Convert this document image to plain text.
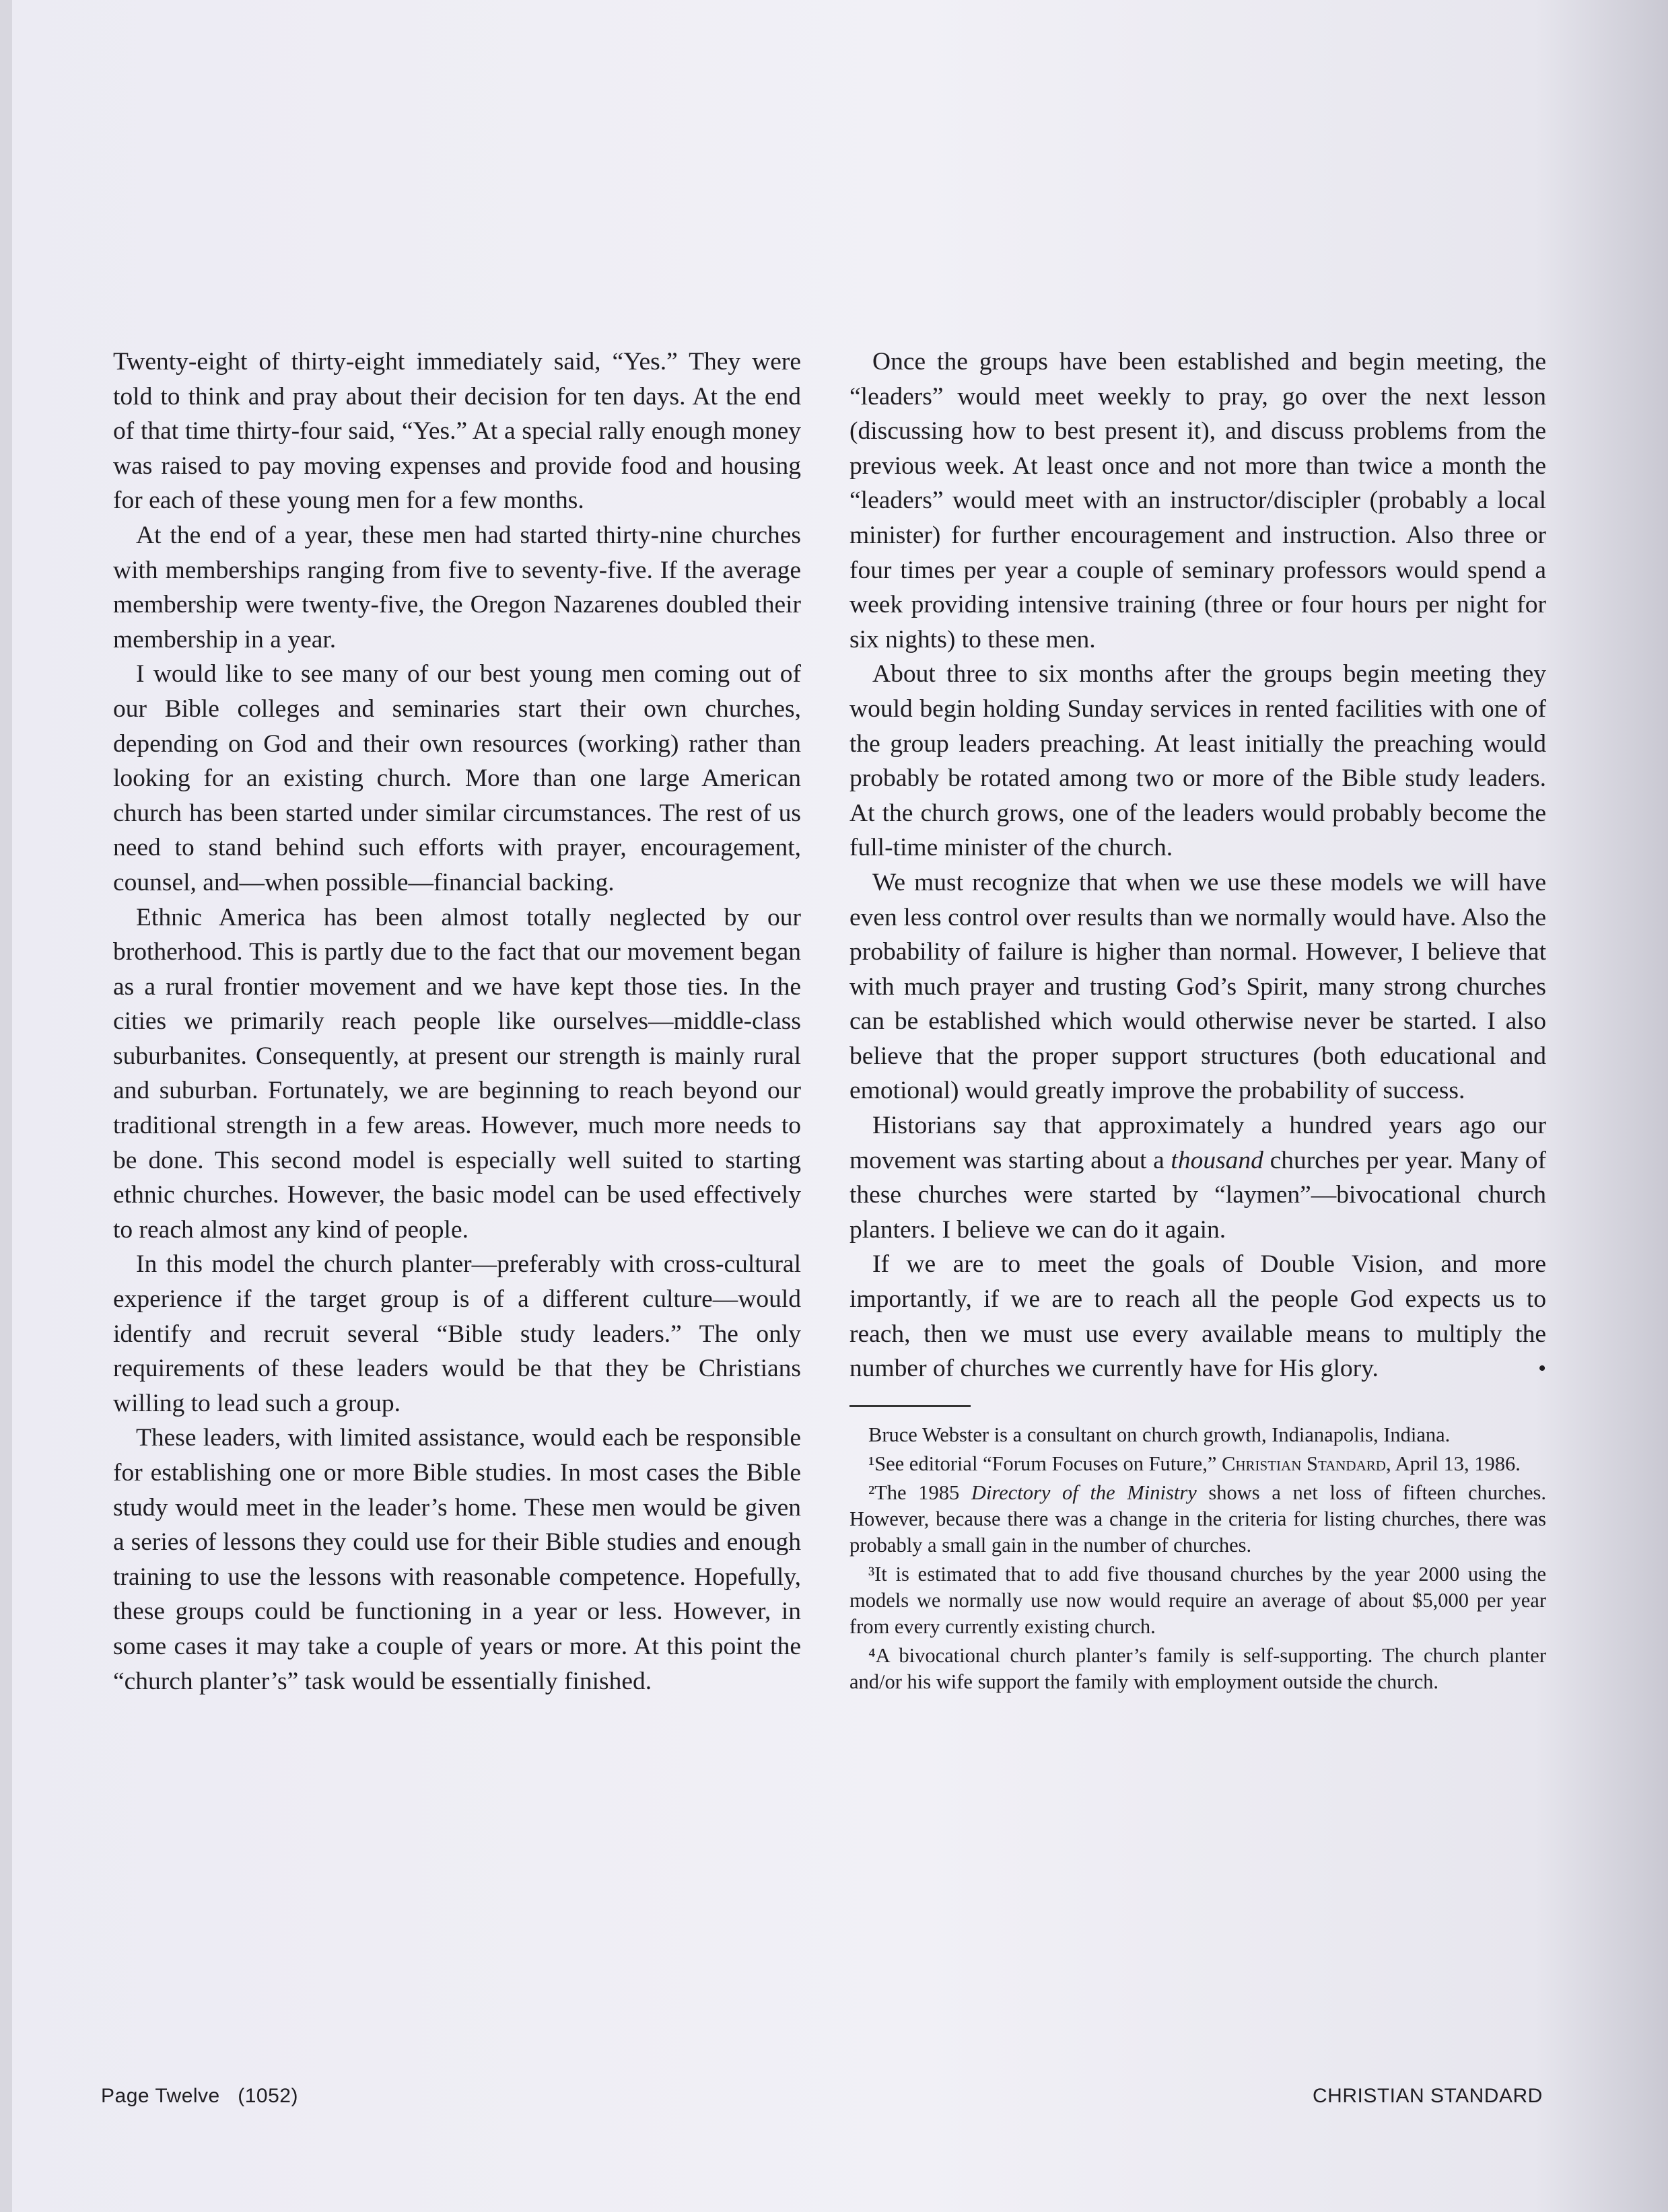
Twenty-eight of thirty-eight immediately said, “Yes.” They were told to think and pray about their decision for ten days. At the end of that time thirty-four said, “Yes.” At a special rally enough money was raised to pay moving expenses and provide food and housing for each of these young men for a few months.

At the end of a year, these men had started thirty-nine churches with memberships ranging from five to seventy-five. If the average membership were twenty-five, the Oregon Nazarenes doubled their membership in a year.

I would like to see many of our best young men coming out of our Bible colleges and seminaries start their own churches, depending on God and their own resources (working) rather than looking for an existing church. More than one large American church has been started under similar circumstances. The rest of us need to stand behind such efforts with prayer, encouragement, counsel, and—when possible—financial backing.

Ethnic America has been almost totally neglected by our brotherhood. This is partly due to the fact that our movement began as a rural frontier movement and we have kept those ties. In the cities we primarily reach people like ourselves—middle-class suburbanites. Consequently, at present our strength is mainly rural and suburban. Fortunately, we are beginning to reach beyond our traditional strength in a few areas. However, much more needs to be done. This second model is especially well suited to starting ethnic churches. However, the basic model can be used effectively to reach almost any kind of people.

In this model the church planter—preferably with cross-cultural experience if the target group is of a different culture—would identify and recruit several “Bible study leaders.” The only requirements of these leaders would be that they be Christians willing to lead such a group.

These leaders, with limited assistance, would each be responsible for establishing one or more Bible studies. In most cases the Bible study would meet in the leader’s home. These men would be given a series of lessons they could use for their Bible studies and enough training to use the lessons with reasonable competence. Hopefully, these groups could be functioning in a year or less. However, in some cases it may take a couple of years or more. At this point the “church planter’s” task would be essentially finished.

Once the groups have been established and begin meeting, the “leaders” would meet weekly to pray, go over the next lesson (discussing how to best present it), and discuss problems from the previous week. At least once and not more than twice a month the “leaders” would meet with an instructor/discipler (probably a local minister) for further encouragement and instruction. Also three or four times per year a couple of seminary professors would spend a week providing intensive training (three or four hours per night for six nights) to these men.

About three to six months after the groups begin meeting they would begin holding Sunday services in rented facilities with one of the group leaders preaching. At least initially the preaching would probably be rotated among two or more of the Bible study leaders. At the church grows, one of the leaders would probably become the full-time minister of the church.

We must recognize that when we use these models we will have even less control over results than we normally would have. Also the probability of failure is higher than normal. However, I believe that with much prayer and trusting God’s Spirit, many strong churches can be established which would otherwise never be started. I also believe that the proper support structures (both educational and emotional) would greatly improve the probability of success.

Historians say that approximately a hundred years ago our movement was starting about a thousand churches per year. Many of these churches were started by “laymen”—bivocational church planters. I believe we can do it again.

If we are to meet the goals of Double Vision, and more importantly, if we are to reach all the people God expects us to reach, then we must use every available means to multiply the number of churches we currently have for His glory.	•

Bruce Webster is a consultant on church growth, Indianapolis, Indiana.

¹See editorial “Forum Focuses on Future,” Christian Standard, April 13, 1986.

²The 1985 Directory of the Ministry shows a net loss of fifteen churches. However, because there was a change in the criteria for listing churches, there was probably a small gain in the number of churches.

³It is estimated that to add five thousand churches by the year 2000 using the models we normally use now would require an average of about $5,000 per year from every currently existing church.

⁴A bivocational church planter’s family is self-supporting. The church planter and/or his wife support the family with employment outside the church.

Page Twelve   (1052)	CHRISTIAN STANDARD
